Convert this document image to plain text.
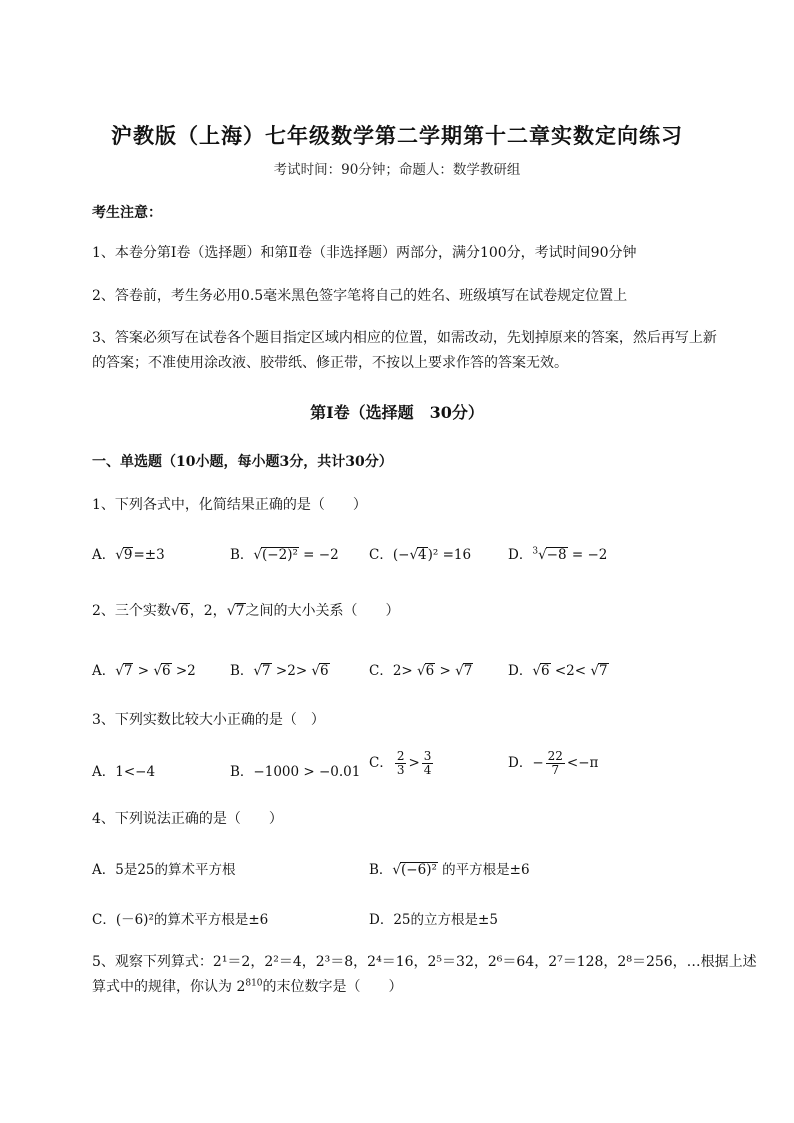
沪教版（上海）七年级数学第二学期第十二章实数定向练习
考试时间：90分钟；命题人：数学教研组
考生注意：
1、本卷分第Ⅰ卷（选择题）和第Ⅱ卷（非选择题）两部分，满分100分，考试时间90分钟
2、答卷前，考生务必用0.5毫米黑色签字笔将自己的姓名、班级填写在试卷规定位置上
3、答案必须写在试卷各个题目指定区域内相应的位置，如需改动，先划掉原来的答案，然后再写上新
的答案；不准使用涂改液、胶带纸、修正带，不按以上要求作答的答案无效。
第Ⅰ卷（选择题　30分）
一、单选题（10小题，每小题3分，共计30分）
1、下列各式中，化简结果正确的是（　　）
A．√9=±3	B．√(−2)² = −2 C．(−√4)² =16	D．$^3$√−8 = −2
2、三个实数√6，2，√7之间的大小关系（　　）
A．√7 > √6 >2	B．√7 >2> √6	C．2> √6 > √7	D．√6 <2< √7
3、下列实数比较大小正确的是（　）
A．1<−4	B．−1000 > −0.01
C． $\frac{2}{3} > \frac{3}{4}$	D．− $\frac{22}{7} <-\pi$
4、下列说法正确的是（　　）
A．5是25的算术平方根	B．√(−6)² 的平方根是±6
C．(－6)²的算术平方根是±6	D．25的立方根是±5
5、观察下列算式：2¹＝2，2²＝4，2³＝8，2⁴＝16，2⁵＝32，2⁶＝64，2⁷＝128，2⁸＝256，…根据上述
算式中的规律，你认为 $2^{810}$的末位数字是（　　）
